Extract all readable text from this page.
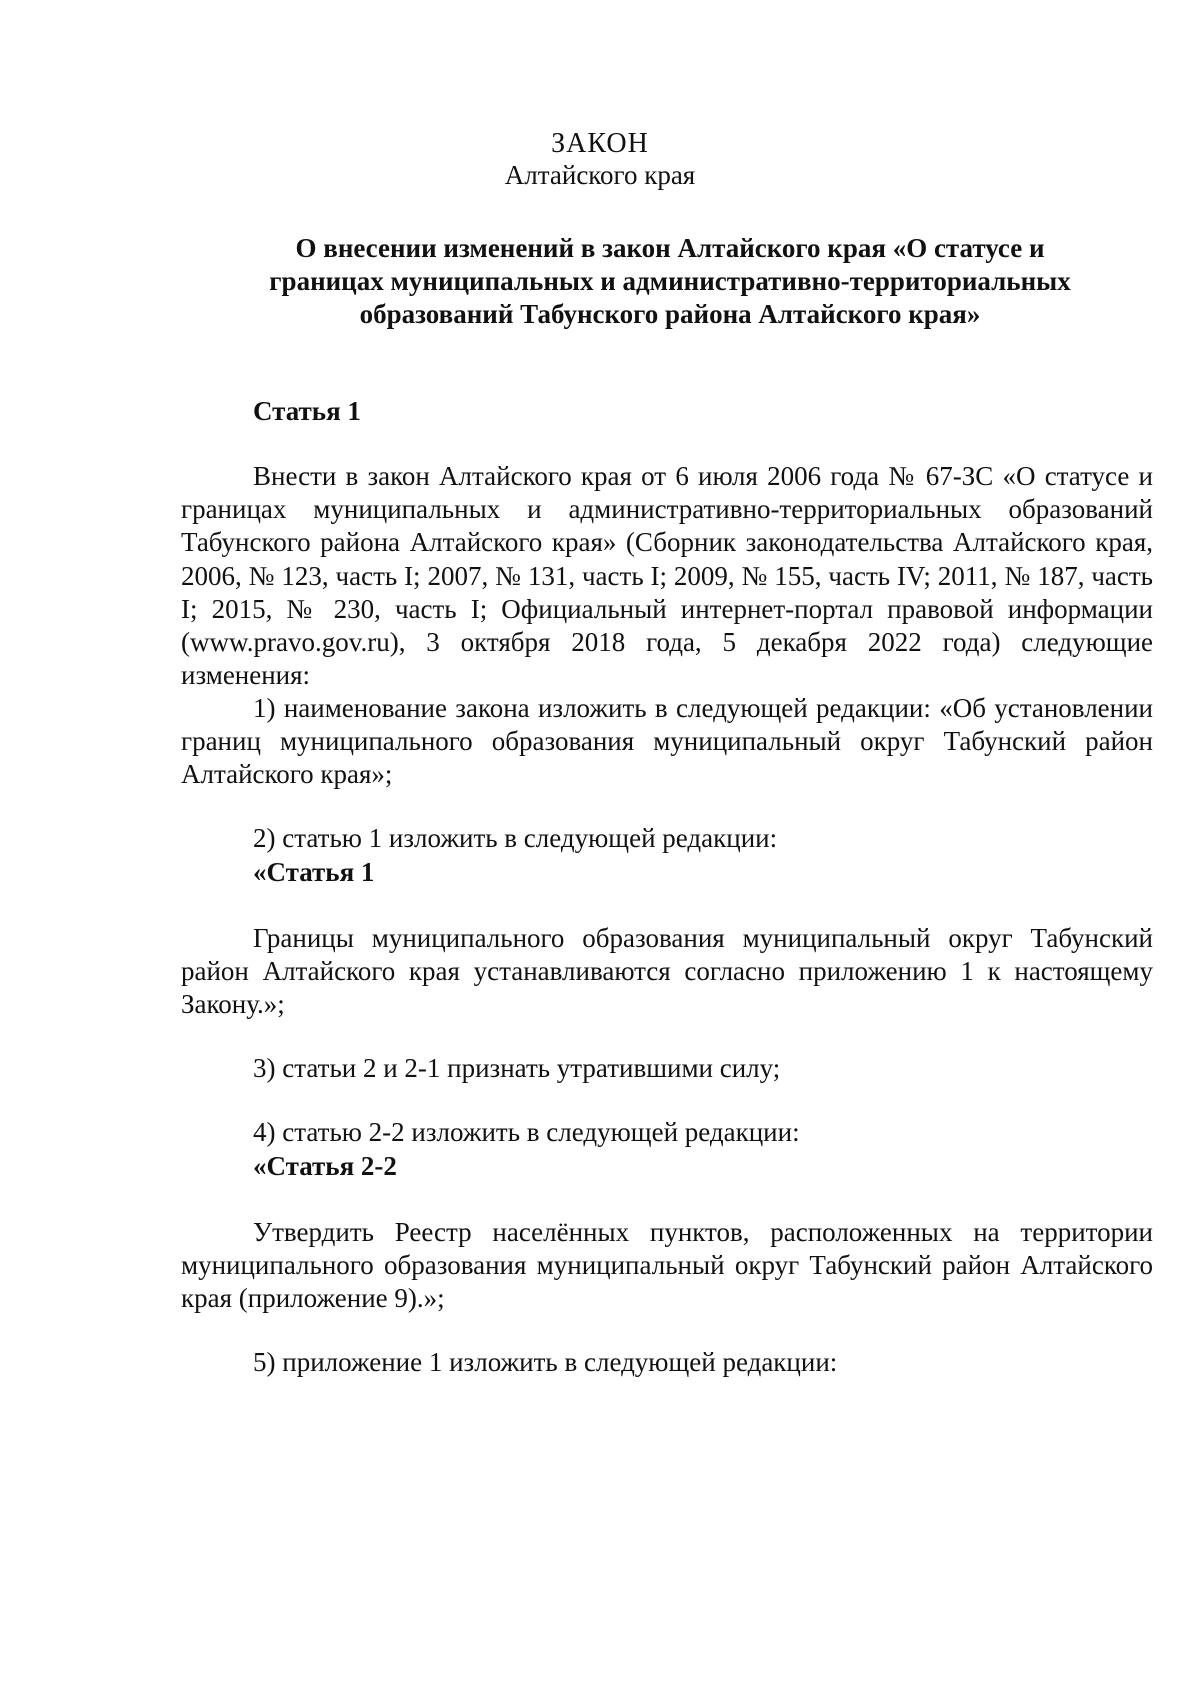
ЗАКОН
Алтайского края
О внесении изменений в закон Алтайского края «О статусе и границах муниципальных и административно-территориальных образований Табунского района Алтайского края»
Статья 1
Внести в закон Алтайского края от 6 июля 2006 года № 67-ЗС «О статусе и границах муниципальных и административно-территориальных образований Табунского района Алтайского края» (Сборник законодательства Алтайского края, 2006, № 123, часть I; 2007, № 131, часть I; 2009, № 155, часть IV; 2011, № 187, часть I; 2015, № 230, часть I; Официальный интернет-портал правовой информации (www.pravo.gov.ru), 3 октября 2018 года, 5 декабря 2022 года) следующие изменения:
1) наименование закона изложить в следующей редакции: «Об установлении границ муниципального образования муниципальный округ Табунский район Алтайского края»;
2) статью 1 изложить в следующей редакции:
«Статья 1
Границы муниципального образования муниципальный округ Табунский район Алтайского края устанавливаются согласно приложению 1 к настоящему Закону.»;
3) статьи 2 и 2-1 признать утратившими силу;
4) статью 2-2 изложить в следующей редакции:
«Статья 2-2
Утвердить Реестр населённых пунктов, расположенных на территории муниципального образования муниципальный округ Табунский район Алтайского края (приложение 9).»;
5) приложение 1 изложить в следующей редакции:
